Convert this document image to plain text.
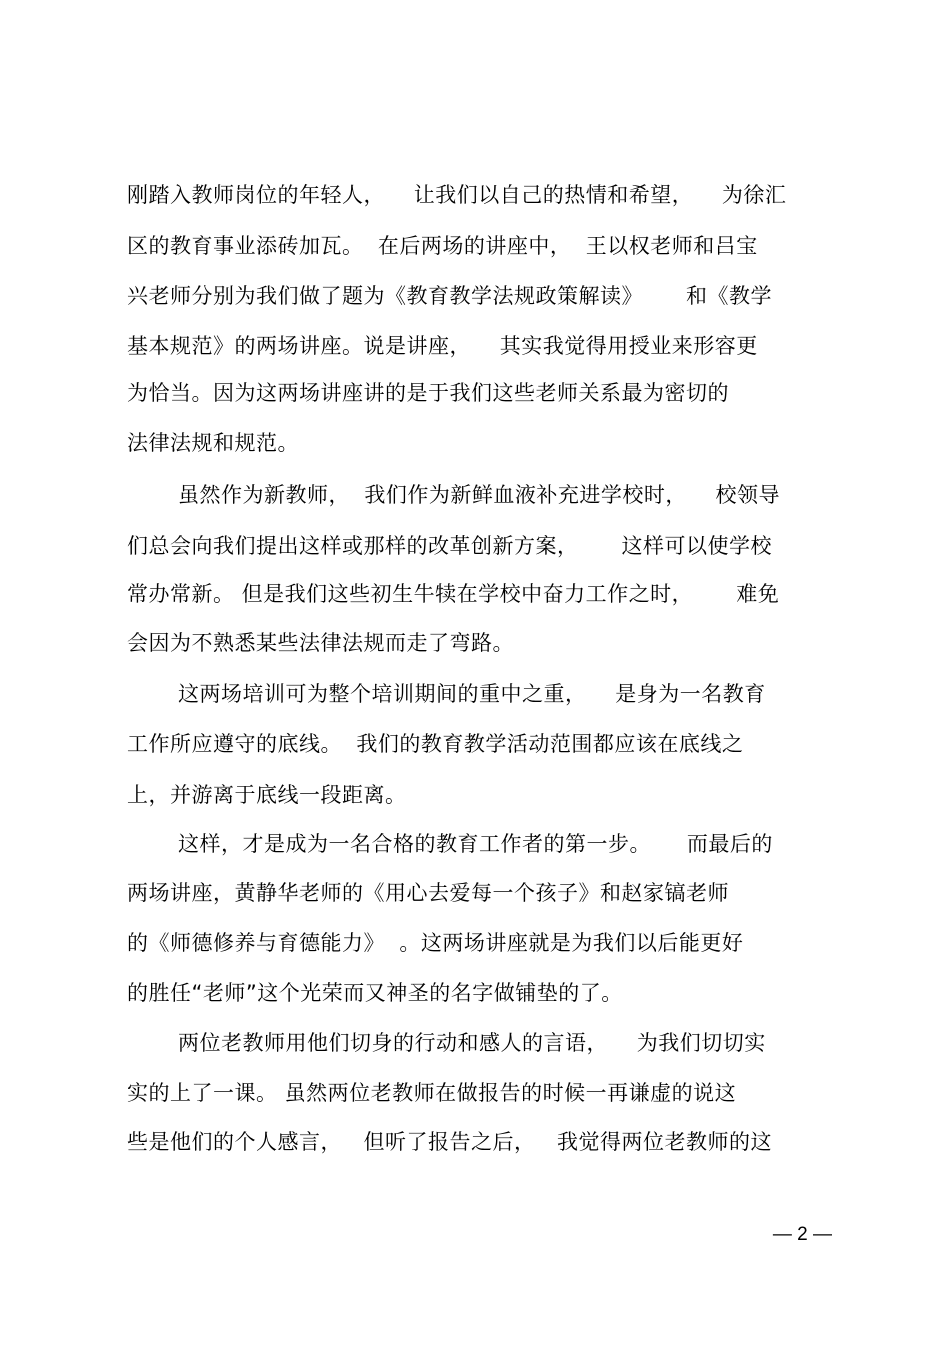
刚踏入教师岗位的年轻人，    让我们以自己的热情和希望，    为徐汇
区的教育事业添砖加瓦。  在后两场的讲座中，  王以权老师和吕宝
兴老师分别为我们做了题为《教育教学法规政策解读》      和《教学
基本规范》的两场讲座。说是讲座，    其实我觉得用授业来形容更
为恰当。因为这两场讲座讲的是于我们这些老师关系最为密切的
法律法规和规范。
虽然作为新教师，  我们作为新鲜血液补充进学校时，    校领导
们总会向我们提出这样或那样的改革创新方案，      这样可以使学校
常办常新。 但是我们这些初生牛犊在学校中奋力工作之时，      难免
会因为不熟悉某些法律法规而走了弯路。
这两场培训可为整个培训期间的重中之重，    是身为一名教育
工作所应遵守的底线。  我们的教育教学活动范围都应该在底线之
上，并游离于底线一段距离。
这样，才是成为一名合格的教育工作者的第一步。     而最后的
两场讲座，黄静华老师的《用心去爱每一个孩子》和赵家镐老师
的《师德修养与育德能力》  。这两场讲座就是为我们以后能更好
的胜任“老师”这个光荣而又神圣的名字做铺垫的了。
两位老教师用他们切身的行动和感人的言语，    为我们切切实
实的上了一课。 虽然两位老教师在做报告的时候一再谦虚的说这
些是他们的个人感言，   但听了报告之后，   我觉得两位老教师的这
— 2 —
